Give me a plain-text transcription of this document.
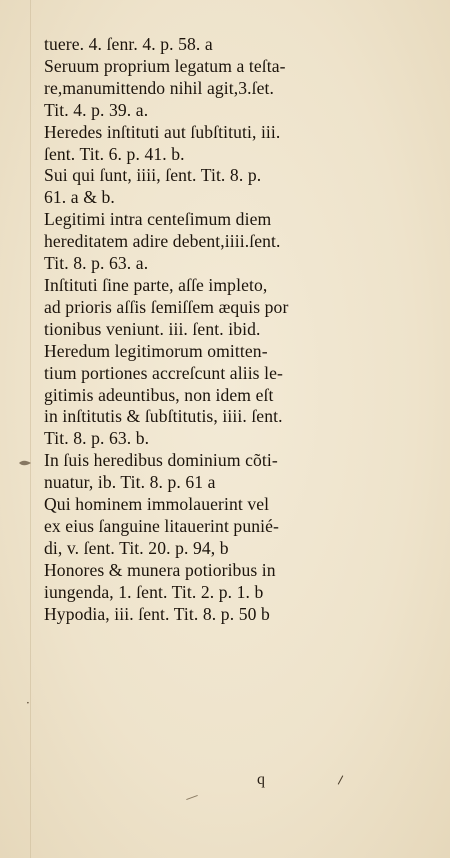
tuere. 4. ſenr. 4. p. 58. a
Seruum proprium legatum a teſta-
re,manumittendo nihil agit,3.ſet.
Tit. 4. p. 39. a.
Heredes inſtituti aut ſubſtituti, iii.
ſent. Tit. 6. p. 41. b.
Sui qui ſunt, iiii, ſent. Tit. 8. p.
61. a & b.
Legitimi intra centeſimum diem
hereditatem adire debent,iiii.ſent.
Tit. 8. p. 63. a.
Inſtituti ſine parte, aſſe impleto,
ad prioris aſſis ſemiſſem æquis por
tionibus veniunt. iii. ſent. ibid.
Heredum legitimorum omitten-
tium portiones accreſcunt aliis le-
gitimis adeuntibus, non idem eſt
in inſtitutis & ſubſtitutis, iiii. ſent.
Tit. 8. p. 63. b.
In ſuis heredibus dominium cõti-
nuatur, ib. Tit. 8. p. 61 a
Qui hominem immolauerint vel
ex eius ſanguine litauerint punié-
di, v. ſent. Tit. 20. p. 94, b
Honores & munera potioribus in
iungenda, 1. ſent. Tit. 2. p. 1. b
Hypodia, iii. ſent. Tit. 8. p. 50 b
·
q
